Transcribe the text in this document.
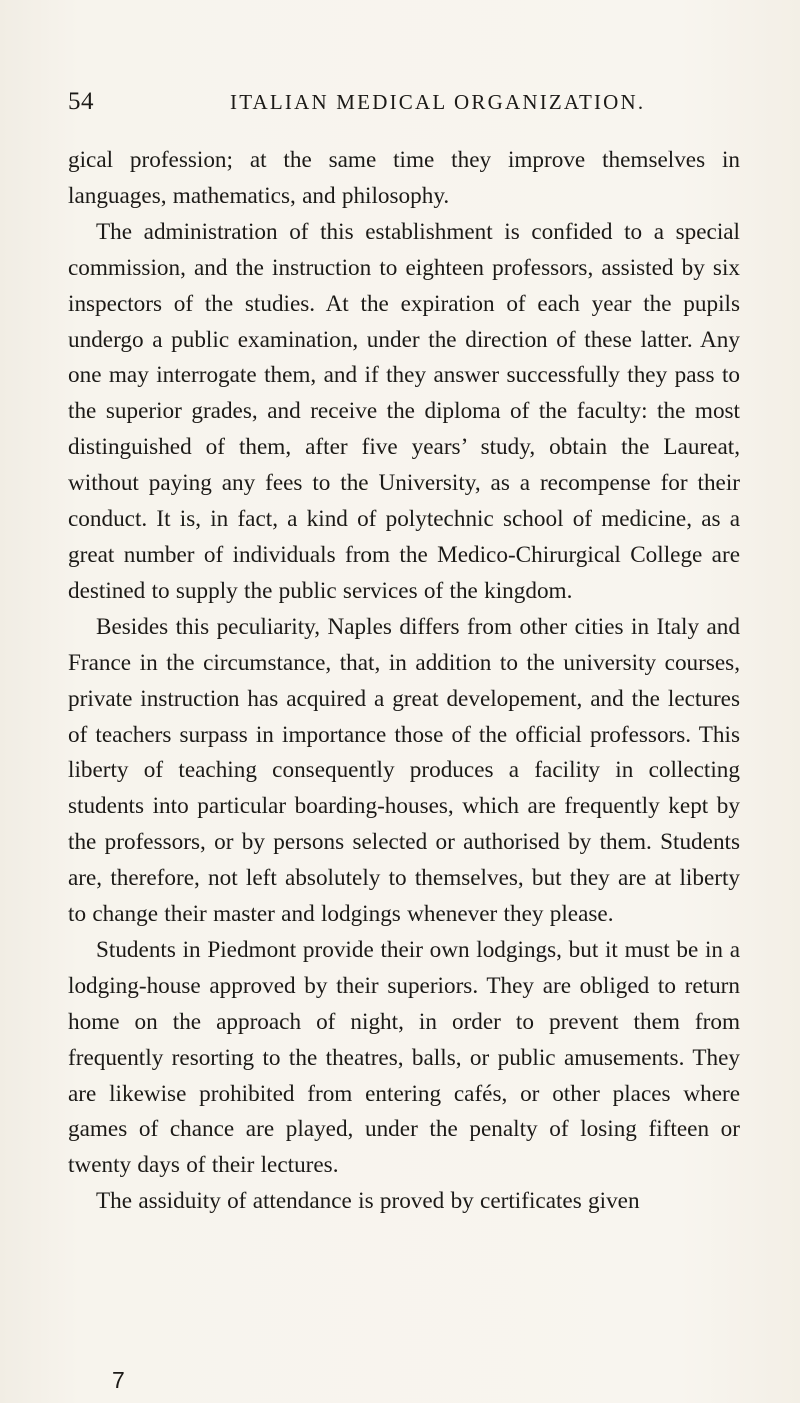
54	ITALIAN MEDICAL ORGANIZATION.

gical profession; at the same time they improve themselves in languages, mathematics, and philosophy.

The administration of this establishment is confided to a special commission, and the instruction to eighteen professors, assisted by six inspectors of the studies. At the expiration of each year the pupils undergo a public examination, under the direction of these latter. Any one may interrogate them, and if they answer successfully they pass to the superior grades, and receive the diploma of the faculty: the most distinguished of them, after five years’ study, obtain the Laureat, without paying any fees to the University, as a recompense for their conduct. It is, in fact, a kind of polytechnic school of medicine, as a great number of individuals from the Medico-Chirurgical College are destined to supply the public services of the kingdom.

Besides this peculiarity, Naples differs from other cities in Italy and France in the circumstance, that, in addition to the university courses, private instruction has acquired a great developement, and the lectures of teachers surpass in importance those of the official professors. This liberty of teaching consequently produces a facility in collecting students into particular boarding-houses, which are frequently kept by the professors, or by persons selected or authorised by them. Students are, therefore, not left absolutely to themselves, but they are at liberty to change their master and lodgings whenever they please.

Students in Piedmont provide their own lodgings, but it must be in a lodging-house approved by their superiors. They are obliged to return home on the approach of night, in order to prevent them from frequently resorting to the theatres, balls, or public amusements. They are likewise prohibited from entering cafés, or other places where games of chance are played, under the penalty of losing fifteen or twenty days of their lectures.

The assiduity of attendance is proved by certificates given

7
